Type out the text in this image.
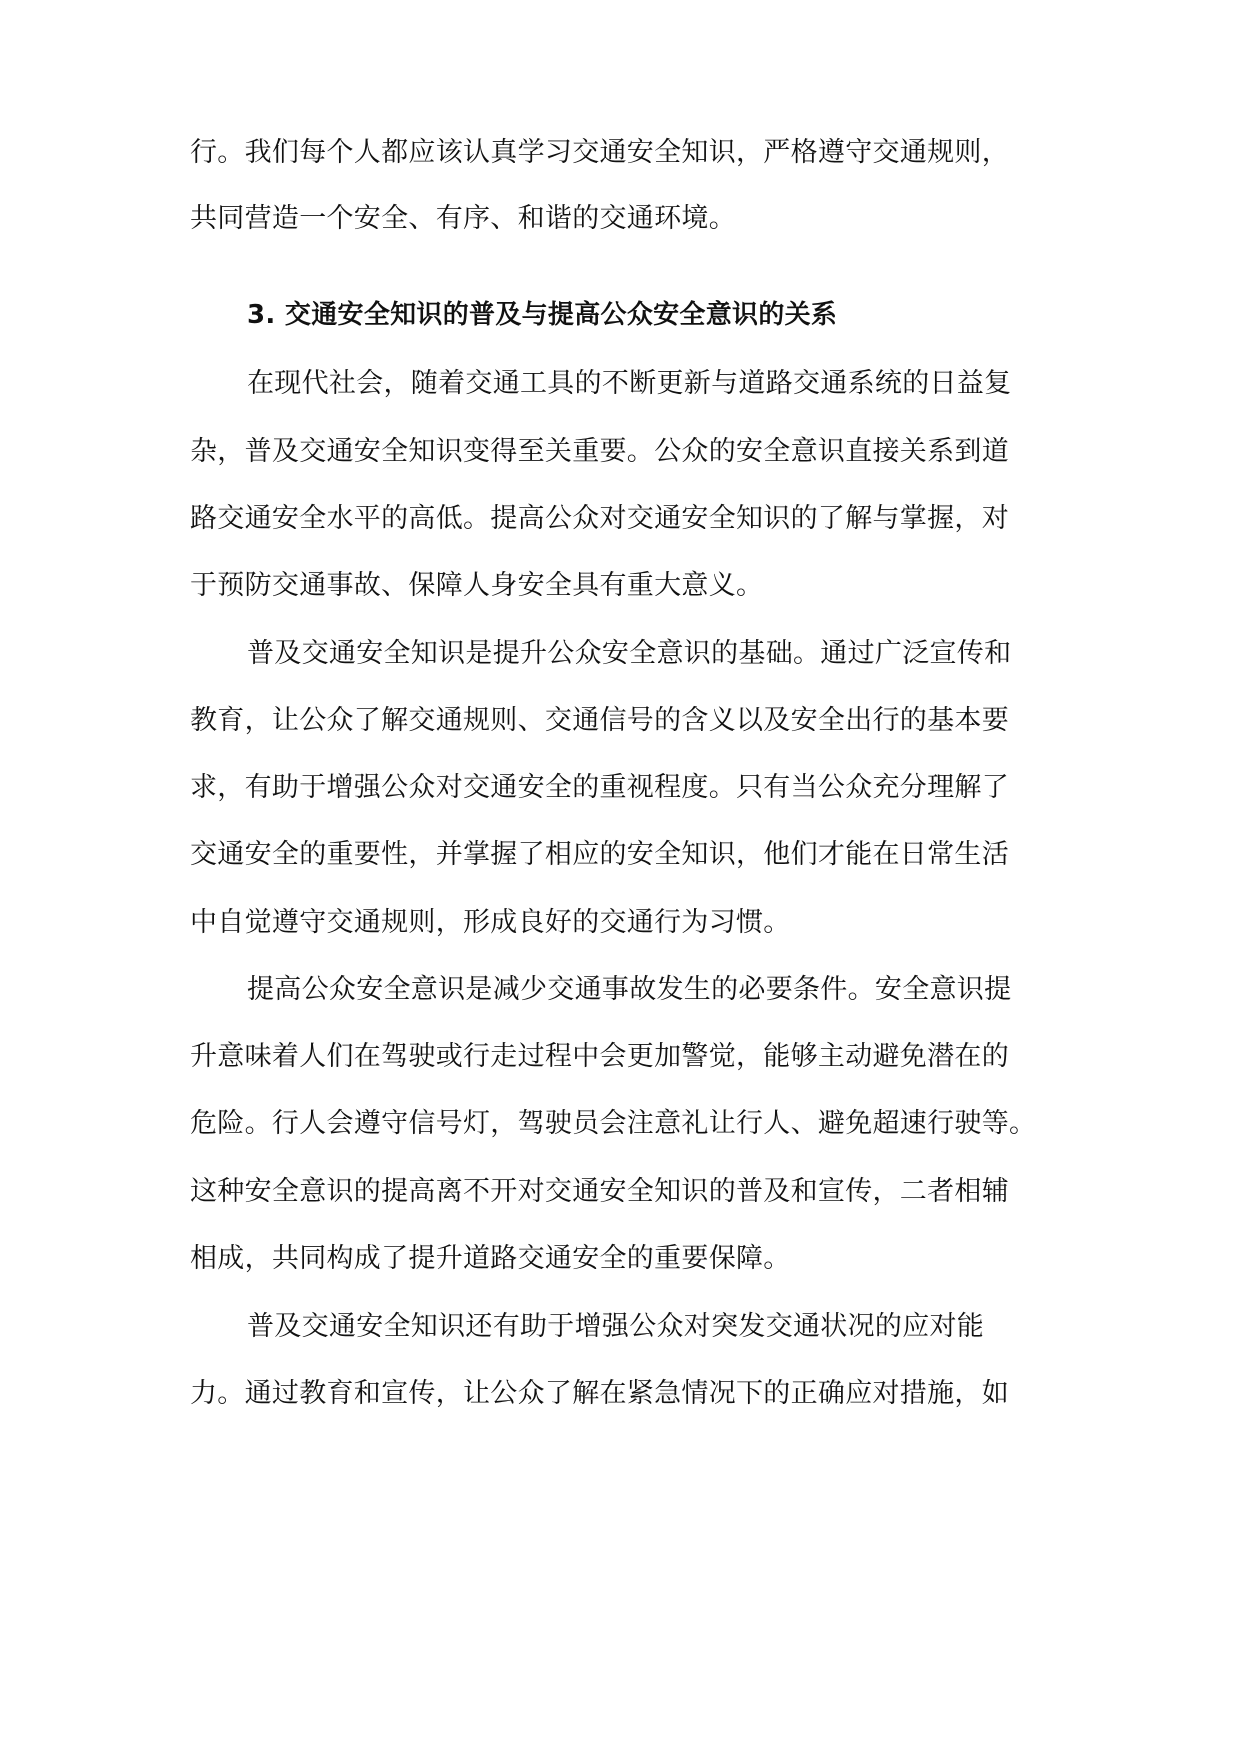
行。我们每个人都应该认真学习交通安全知识，严格遵守交通规则，
共同营造一个安全、有序、和谐的交通环境。
3. 交通安全知识的普及与提高公众安全意识的关系
在现代社会，随着交通工具的不断更新与道路交通系统的日益复
杂，普及交通安全知识变得至关重要。公众的安全意识直接关系到道
路交通安全水平的高低。提高公众对交通安全知识的了解与掌握，对
于预防交通事故、保障人身安全具有重大意义。
普及交通安全知识是提升公众安全意识的基础。通过广泛宣传和
教育，让公众了解交通规则、交通信号的含义以及安全出行的基本要
求，有助于增强公众对交通安全的重视程度。只有当公众充分理解了
交通安全的重要性，并掌握了相应的安全知识，他们才能在日常生活
中自觉遵守交通规则，形成良好的交通行为习惯。
提高公众安全意识是减少交通事故发生的必要条件。安全意识提
升意味着人们在驾驶或行走过程中会更加警觉，能够主动避免潜在的
危险。行人会遵守信号灯，驾驶员会注意礼让行人、避免超速行驶等。
这种安全意识的提高离不开对交通安全知识的普及和宣传，二者相辅
相成，共同构成了提升道路交通安全的重要保障。
普及交通安全知识还有助于增强公众对突发交通状况的应对能
力。通过教育和宣传，让公众了解在紧急情况下的正确应对措施，如
